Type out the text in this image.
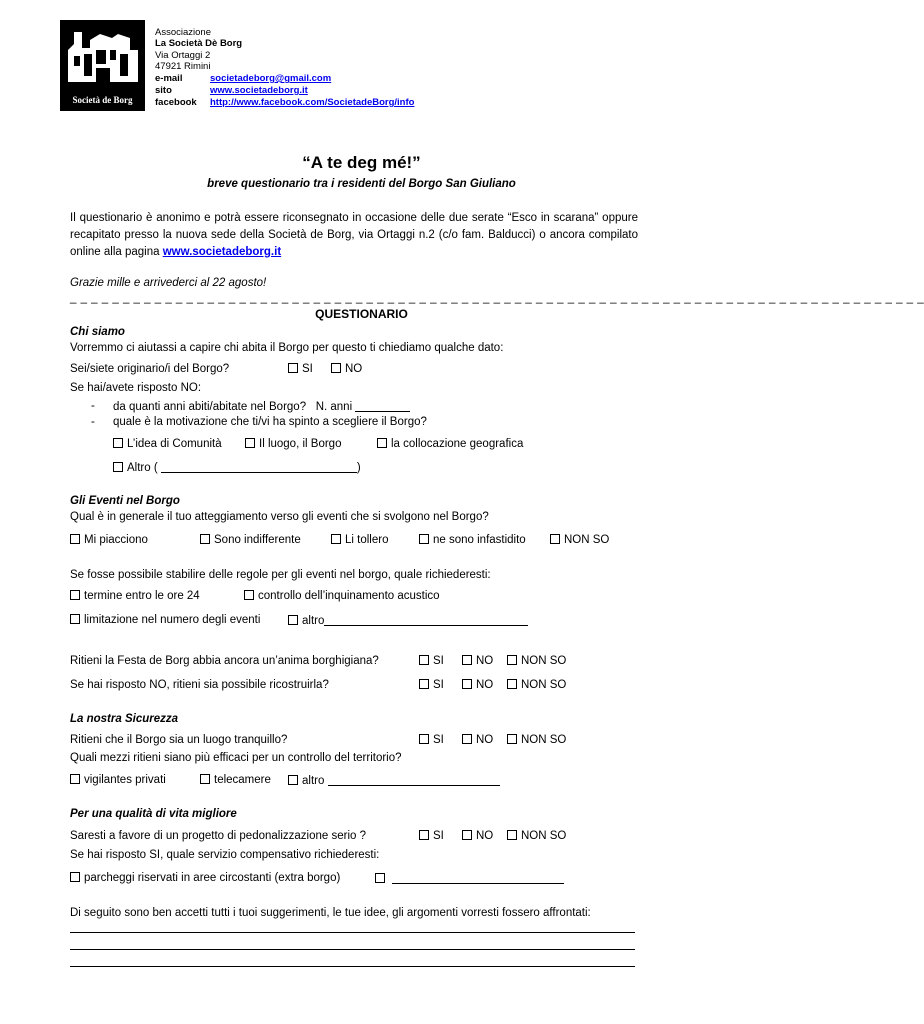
Società de Borg
Associazione
La Società Dè Borg
Via Ortaggi 2
47921 Rimini
e-mail	societadeborg@gmail.com
sito	www.societadeborg.it
facebook http://www.facebook.com/SocietadeBorg/info
“A te deg mé!”
breve questionario tra i residenti del Borgo San Giuliano
Il questionario è anonimo e potrà essere riconsegnato in occasione delle due serate “Esco in scarana” oppure recapitato presso la nuova sede della Società de Borg, via Ortaggi n.2 (c/o fam. Balducci) o ancora compilato online alla pagina www.societadeborg.it
Grazie mille e arrivederci al 22 agosto!
_ _ _ _ _ _ _ _ _ _ _ _ _ _ _ _ _ _ _ _ _ _ _ _ _ _ _ _ _ _ _ _ _ _ _ _ _ _ _ _ _ _ _ _ _ _ _ _ _ _ _ _ _ _ _ _ _ _ _ _ _ _ _ _ _ _ _ _ _ _ _ _ _ _ _ _ _ _ _ _ _
QUESTIONARIO
Chi siamo
Vorremmo ci aiutassi a capire chi abita il Borgo per questo ti chiediamo qualche dato:
Sei/siete originario/i del Borgo?	SI	NO
Se hai/avete risposto NO:
- da quanti anni abiti/abitate nel Borgo? N. anni
- quale è la motivazione che ti/vi ha spinto a scegliere il Borgo?
L’idea di Comunità	Il luogo, il Borgo	la collocazione geografica
Altro (	)
Gli Eventi nel Borgo
Qual è in generale il tuo atteggiamento verso gli eventi che si svolgono nel Borgo?
Mi piacciono	Sono indifferente	Li tollero	ne sono infastidito	NON SO
Se fosse possibile stabilire delle regole per gli eventi nel borgo, quale richiederesti:
termine entro le ore 24	controllo dell’inquinamento acustico
limitazione nel numero degli eventi	altro
Ritieni la Festa de Borg abbia ancora un’anima borghigiana?	SI	NO	NON SO
Se hai risposto NO, ritieni sia possibile ricostruirla?	SI	NO	NON SO
La nostra Sicurezza
Ritieni che il Borgo sia un luogo tranquillo?	SI	NO	NON SO
Quali mezzi ritieni siano più efficaci per un controllo del territorio?
vigilantes privati	telecamere	altro
Per una qualità di vita migliore
Saresti a favore di un progetto di pedonalizzazione serio ?	SI	NO	NON SO
Se hai risposto SI, quale servizio compensativo richiederesti:
parcheggi riservati in aree circostanti (extra borgo)

Di seguito sono ben accetti tutti i tuoi suggerimenti, le tue idee, gli argomenti vorresti fossero affrontati:
